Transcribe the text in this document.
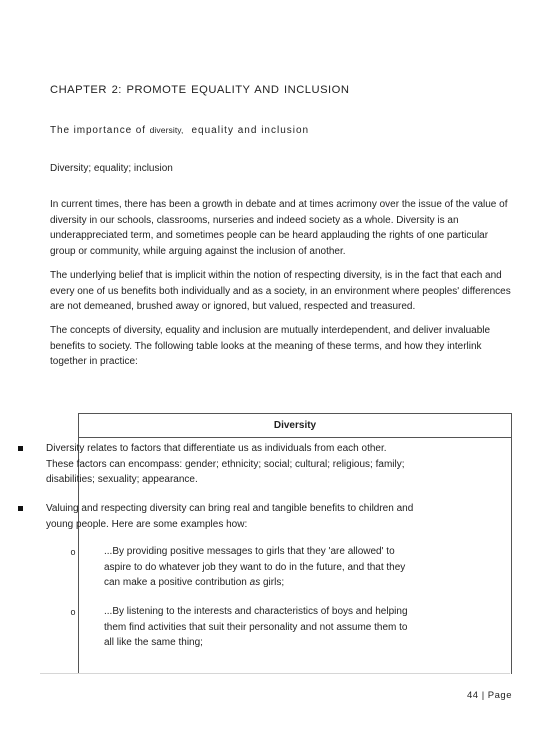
CHAPTER 2: PROMOTE EQUALITY AND INCLUSION
The importance of diversity, equality and inclusion
Diversity; equality; inclusion

In current times, there has been a growth in debate and at times acrimony over the issue of the value of diversity in our schools, classrooms, nurseries and indeed society as a whole. Diversity is an underappreciated term, and sometimes people can be heard applauding the rights of one particular group or community, while arguing against the inclusion of another.

The underlying belief that is implicit within the notion of respecting diversity, is in the fact that each and every one of us benefits both individually and as a society, in an environment where peoples' differences are not demeaned, brushed away or ignored, but valued, respected and treasured.

The concepts of diversity, equality and inclusion are mutually interdependent, and deliver invaluable benefits to society. The following table looks at the meaning of these terms, and how they interlink together in practice:

Diversity
Diversity relates to factors that differentiate us as individuals from each other. These factors can encompass: gender; ethnicity; social; cultural; religious; family; disabilities; sexuality; appearance.
Valuing and respecting diversity can bring real and tangible benefits to children and young people. Here are some examples how:
o	...By providing positive messages to girls that they 'are allowed' to aspire to do whatever job they want to do in the future, and that they can make a positive contribution as girls;
o	...By listening to the interests and characteristics of boys and helping them find activities that suit their personality and not assume them to all like the same thing;
44 | Page
